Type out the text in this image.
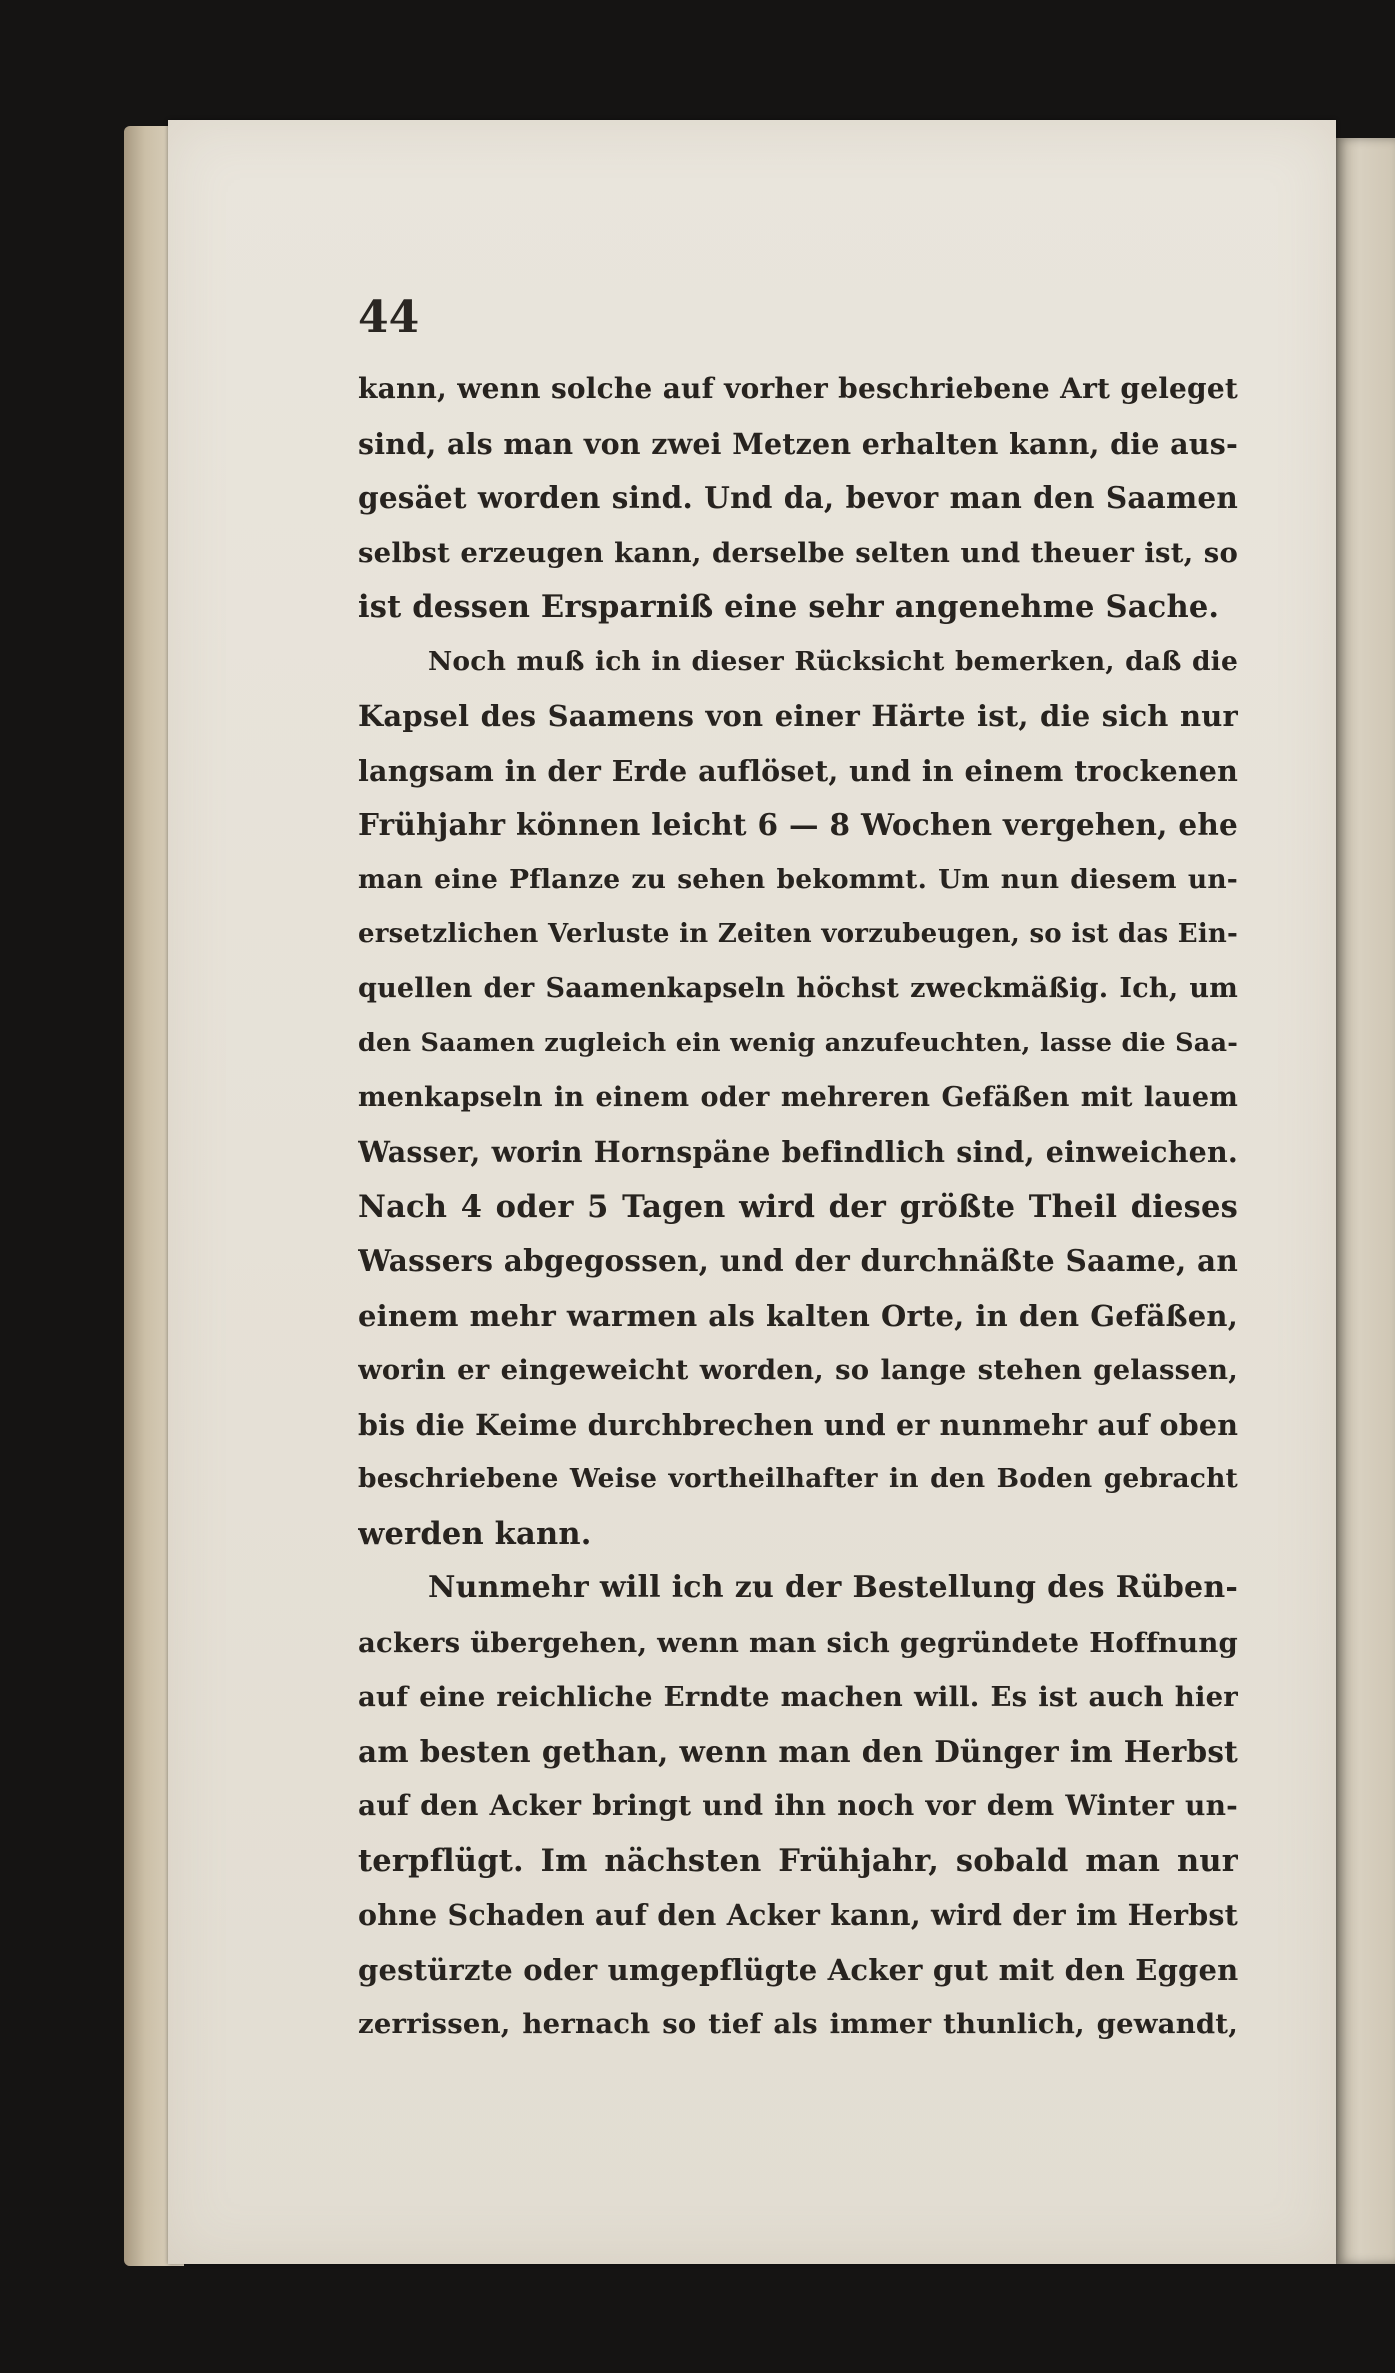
44

kann, wenn solche auf vorher beschriebene Art geleget
sind, als man von zwei Metzen erhalten kann, die aus-
gesäet worden sind. Und da, bevor man den Saamen
selbst erzeugen kann, derselbe selten und theuer ist, so
ist dessen Ersparniß eine sehr angenehme Sache.
Noch muß ich in dieser Rücksicht bemerken, daß die
Kapsel des Saamens von einer Härte ist, die sich nur
langsam in der Erde auflöset, und in einem trockenen
Frühjahr können leicht 6 — 8 Wochen vergehen, ehe
man eine Pflanze zu sehen bekommt. Um nun diesem un-
ersetzlichen Verluste in Zeiten vorzubeugen, so ist das Ein-
quellen der Saamenkapseln höchst zweckmäßig. Ich, um
den Saamen zugleich ein wenig anzufeuchten, lasse die Saa-
menkapseln in einem oder mehreren Gefäßen mit lauem
Wasser, worin Hornspäne befindlich sind, einweichen.
Nach 4 oder 5 Tagen wird der größte Theil dieses
Wassers abgegossen, und der durchnäßte Saame, an
einem mehr warmen als kalten Orte, in den Gefäßen,
worin er eingeweicht worden, so lange stehen gelassen,
bis die Keime durchbrechen und er nunmehr auf oben
beschriebene Weise vortheilhafter in den Boden gebracht
werden kann.
Nunmehr will ich zu der Bestellung des Rüben-
ackers übergehen, wenn man sich gegründete Hoffnung
auf eine reichliche Erndte machen will. Es ist auch hier
am besten gethan, wenn man den Dünger im Herbst
auf den Acker bringt und ihn noch vor dem Winter un-
terpflügt. Im nächsten Frühjahr, sobald man nur
ohne Schaden auf den Acker kann, wird der im Herbst
gestürzte oder umgepflügte Acker gut mit den Eggen
zerrissen, hernach so tief als immer thunlich, gewandt,
